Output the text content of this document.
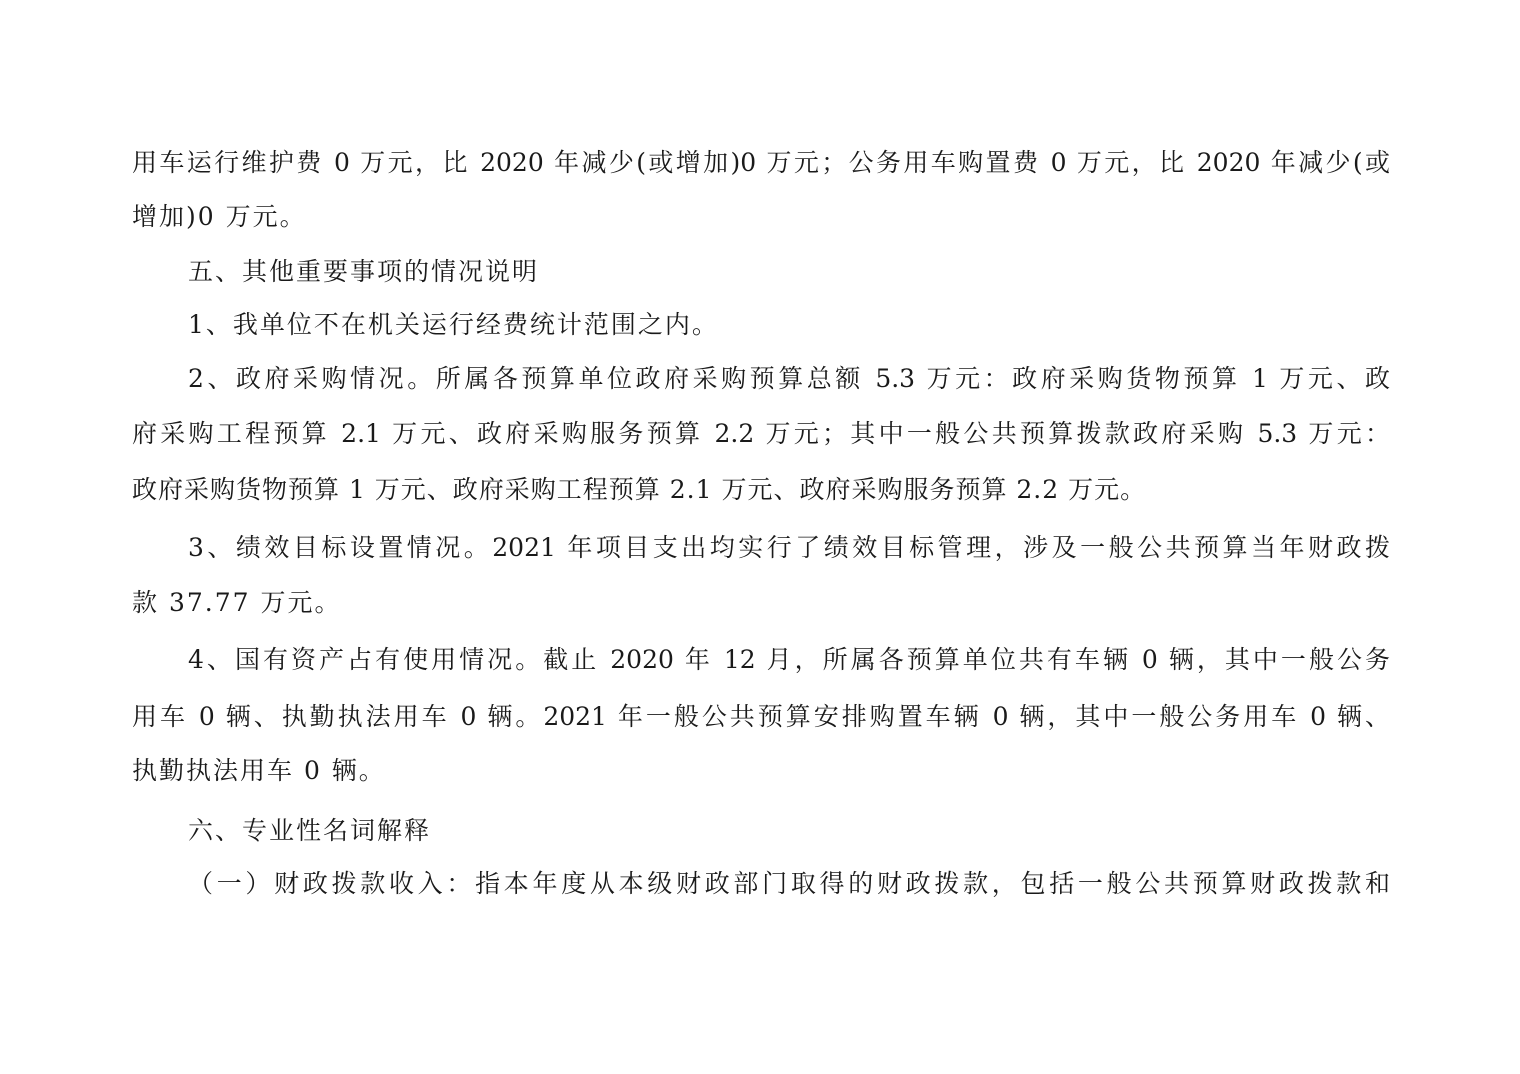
用车运行维护费 0 万元，比 2020 年减少(或增加)0 万元；公务用车购置费 0 万元，比 2020 年减少(或
增加)0 万元。
五、其他重要事项的情况说明
1、我单位不在机关运行经费统计范围之内。
2、政府采购情况。所属各预算单位政府采购预算总额 5.3 万元：政府采购货物预算 1 万元、政
府采购工程预算 2.1 万元、政府采购服务预算 2.2 万元；其中一般公共预算拨款政府采购 5.3 万元：
政府采购货物预算 1 万元、政府采购工程预算 2.1 万元、政府采购服务预算 2.2 万元。
3、绩效目标设置情况。2021 年项目支出均实行了绩效目标管理，涉及一般公共预算当年财政拨
款 37.77 万元。
4、国有资产占有使用情况。截止 2020 年 12 月，所属各预算单位共有车辆 0 辆，其中一般公务
用车 0 辆、执勤执法用车 0 辆。2021 年一般公共预算安排购置车辆 0 辆，其中一般公务用车 0 辆、
执勤执法用车 0 辆。
六、专业性名词解释
（一）财政拨款收入：指本年度从本级财政部门取得的财政拨款，包括一般公共预算财政拨款和
